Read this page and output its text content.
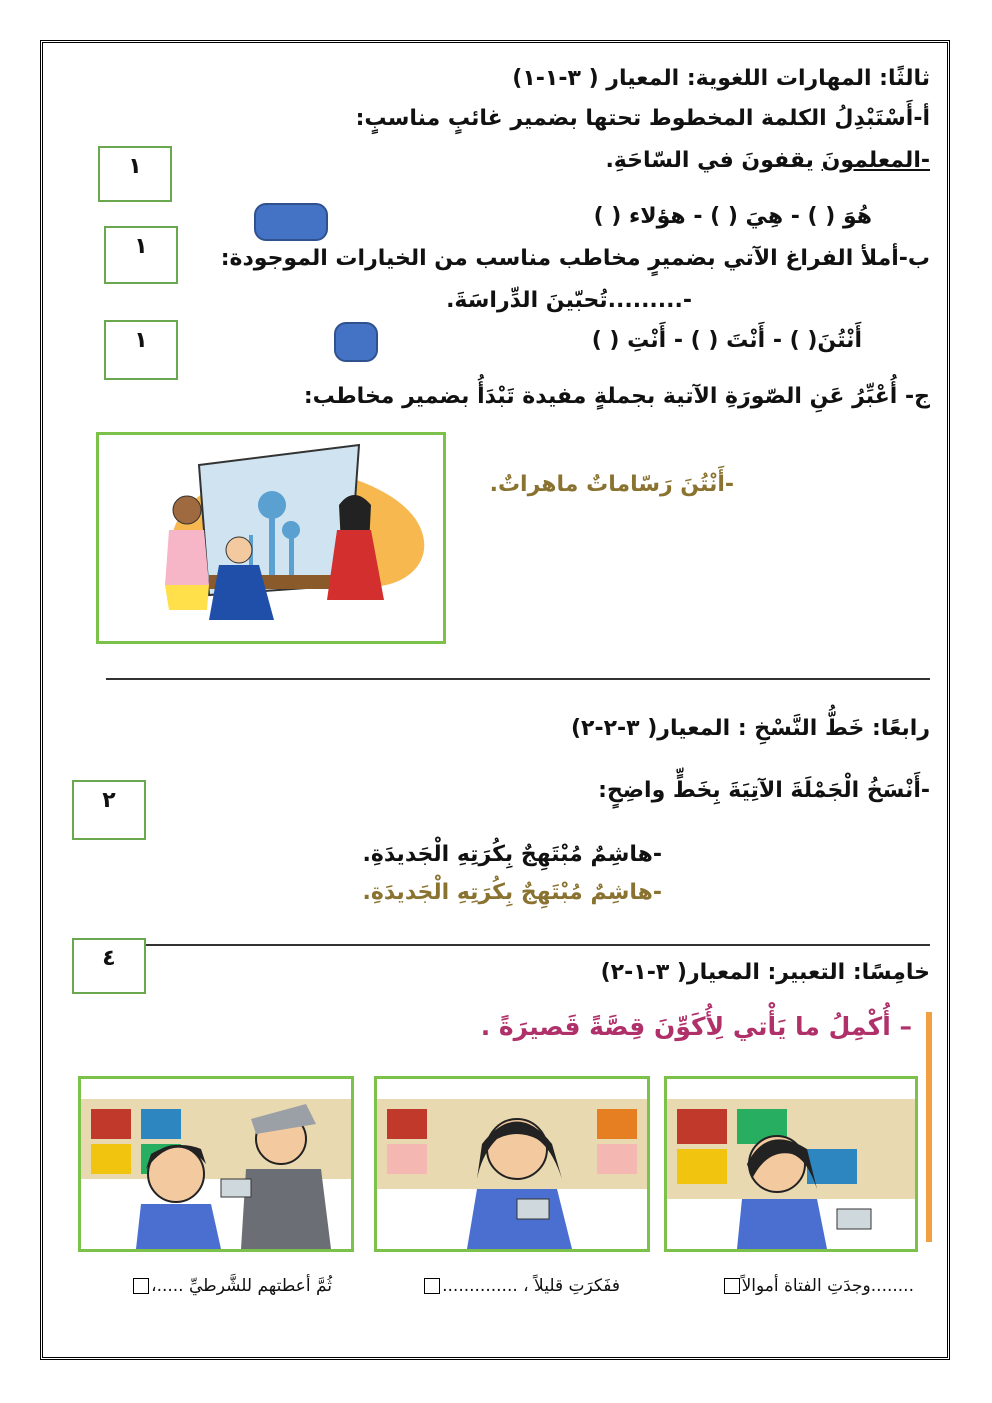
ثالثًا: المهارات اللغوية: المعيار ( ٣-١-١)
أ-أَسْتَبْدِلُ الكلمة المخطوط تحتها بضمير غائبٍ مناسبٍ:
-المعلمونَ يقفونَ في السّاحَةِ.
١
هُوَ ( ) - هِيَ ( ) - هؤلاء ( )
ب-أملأ الفراغ الآتي بضميرٍ مخاطب مناسب من الخيارات الموجودة:
١
-.........تُحبّينَ الدِّراسَةَ.
أَنْتُنَ( ) - أَنْتَ ( ) - أَنْتِ ( )
١
ج- أُعْبِّرُ عَنِ الصّورَةِ الآتية بجملةٍ مفيدة تَبْدَأُ بضمير مخاطب:
-أَنْتُنَ رَسّاماتٌ ماهراتٌ.
رابعًا: خَطُّ النَّسْخِ : المعيار( ٣-٢-٢)
-أَنْسَخُ الْجَمْلَةَ الآتِيَةَ بِخَطٍّ واضِحٍ:
٢
-هاشِمٌ مُبْتَهِجٌ بِكُرَتِهِ الْجَديدَةِ.
-هاشِمٌ مُبْتَهِجٌ بِكُرَتِهِ الْجَديدَةِ.
٤
خامِسًا: التعبير: المعيار( ٣-١-٢)
– أُكْمِلُ ما يَأْتي لِأُكَوِّنَ قِصَّةً قَصيرَةً .
........وجدَتِ الفتاة أموالاً
ففَكرَتِ قليلاً ، ..............
ثُمَّ أعطتهم للشَّرطيِّ .....،
